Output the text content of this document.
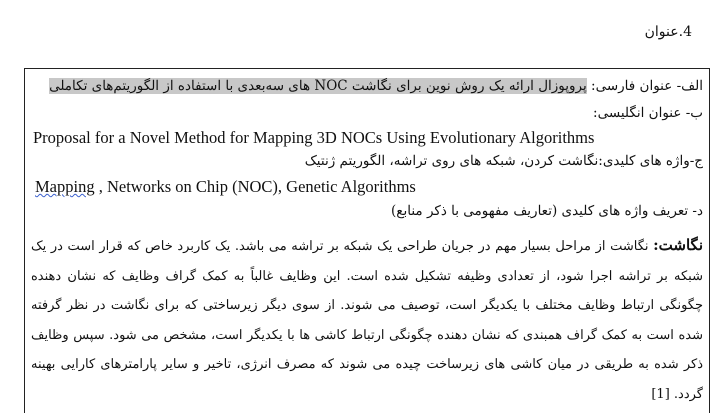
4.عنوان
الف- عنوان فارسی: پروپوزال ارائه یک روش نوین برای نگاشت NOC های سه‌بعدی با استفاده از الگوریتم‌های تکاملی
ب- عنوان انگلیسی:
Proposal for a Novel Method for Mapping 3D NOCs Using Evolutionary Algorithms
ج-واژه های کلیدی:نگاشت کردن، شبکه های روی تراشه، الگوریتم ژنتیک
Mapping , Networks on Chip (NOC), Genetic Algorithms
د- تعریف واژه های کلیدی (تعاریف مفهومی با ذکر منابع)
نگاشت: نگاشت از مراحل بسیار مهم در جریان طراحی یک شبکه بر تراشه می باشد. یک کاربرد خاص که قرار است در یک شبکه بر تراشه اجرا شود، از تعدادی وظیفه تشکیل شده است. این وظایف غالباً به کمک گراف وظایف که نشان دهنده چگونگی ارتباط وظایف مختلف با یکدیگر است، توصیف می شوند. از سوی دیگر زیرساختی که برای نگاشت در نظر گرفته شده است به کمک گراف همبندی که نشان دهنده چگونگی ارتباط کاشی ها با یکدیگر است، مشخص می شود. سپس وظایف ذکر شده به طریقی در میان کاشی های زیرساخت چیده می شوند که مصرف انرژی، تاخیر و سایر پارامترهای کارایی بهینه گردد. [1]
